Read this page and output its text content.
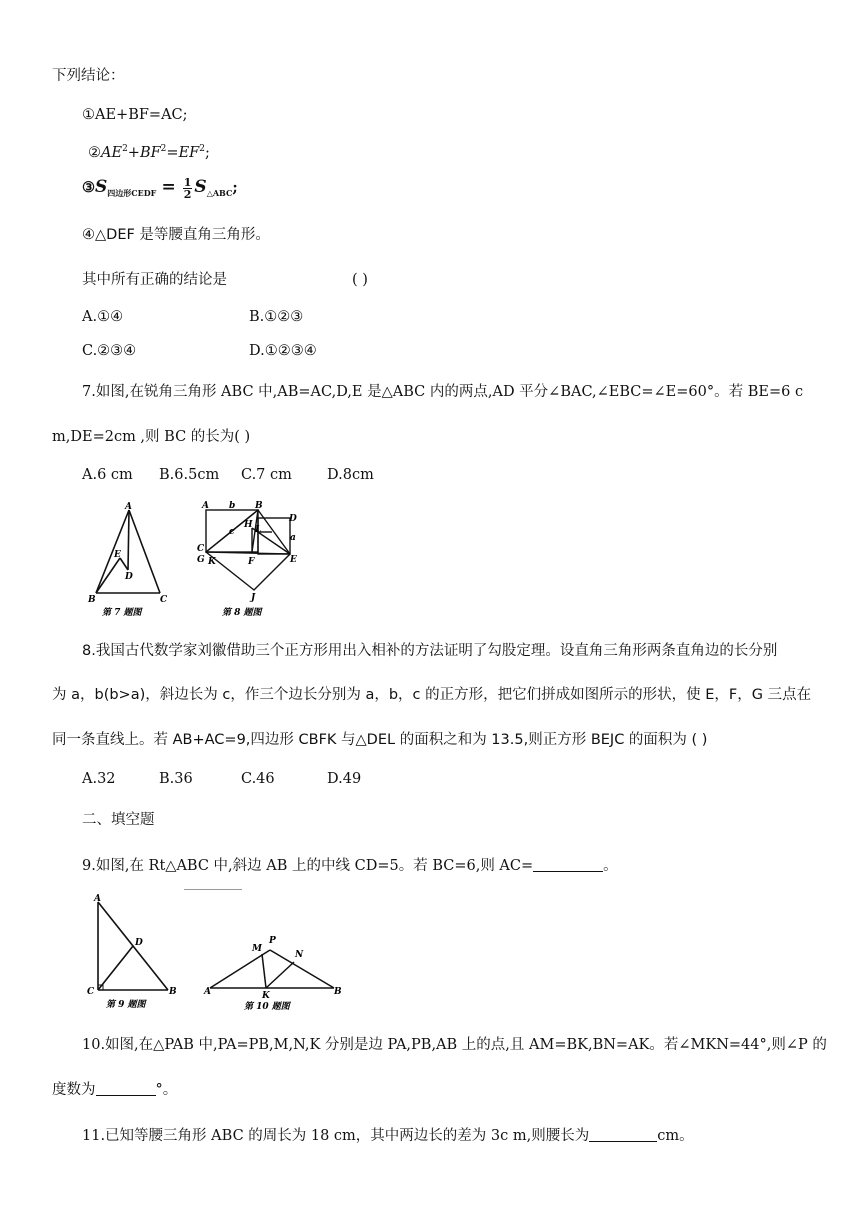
下列结论：
①AE+BF=AC;
$②AE^2+BF^2=EF^2$;
$③S_{四边形CEDF} = \frac{1}{2} S_{\triangle ABC}$;
④△DEF 是等腰直角三角形。
其中所有正确的结论是	( )
A.①④	B.①②③
C.②③④	D.①②③④
7.如图,在锐角三角形 ABC 中,AB=AC,D,E 是△ABC 内的两点,AD 平分∠BAC,∠EBC=∠E=60°。若 BE=6 c
m,DE=2cm ,则 BC 的长为( )
A.6 cm B.6.5cm C.7 cm D.8cm
A
E
D
B	C
第 7 题图
A b B
D
H L
a
c
C
G K	F	E
J
第 8 题图
8.我国古代数学家刘徽借助三个正方形用出入相补的方法证明了勾股定理。设直角三角形两条直角边的长分别
为 a，b(b>a)，斜边长为 c，作三个边长分别为 a，b，c 的正方形，把它们拼成如图所示的形状，使 E，F，G 三点在
同一条直线上。若 AB+AC=9,四边形 CBFK 与△DEL 的面积之和为 13.5,则正方形 BEJC 的面积为 ( )
A.32	B.36	C.46	D.49
二、填空题
9.如图,在 Rt△ABC 中,斜边 AB 上的中线 CD=5。若 BC=6,则 AC=	。
A
D
C	B
第 9 题图
M
P
N
A	K	B
第 10 题图
10.如图,在△PAB 中,PA=PB,M,N,K 分别是边 PA,PB,AB 上的点,且 AM=BK,BN=AK。若∠MKN=44°,则∠P 的
度数为	°。
11.已知等腰三角形 ABC 的周长为 18 cm，其中两边长的差为 3c m,则腰长为	cm。
